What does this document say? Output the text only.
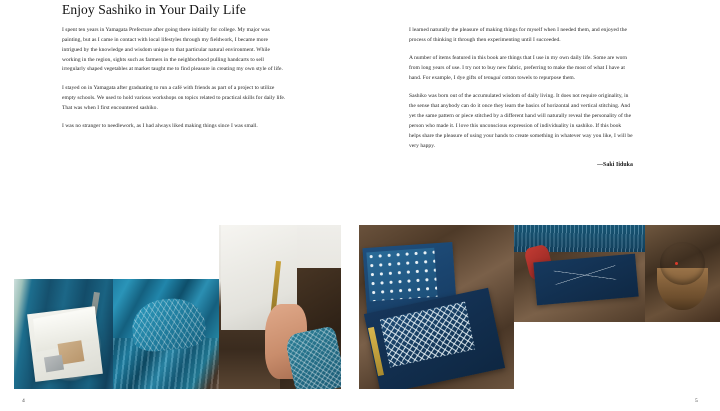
Enjoy Sashiko in Your Daily Life

I spent ten years in Yamagata Prefecture after going there initially for college. My major was painting, but as I came in contact with local lifestyles through my fieldwork, I became more intrigued by the knowledge and wisdom unique to that particular natural environment. While working in the region, sights such as farmers in the neighborhood pulling handcarts to sell irregularly shaped vegetables at market taught me to find pleasure in creating my own style of life.

I stayed on in Yamagata after graduating to run a café with friends as part of a project to utilize empty schools. We used to hold various workshops on topics related to practical skills for daily life. That was when I first encountered sashiko.

I was no stranger to needlework, as I had always liked making things since I was small.

I learned naturally the pleasure of making things for myself when I needed them, and enjoyed the process of thinking it through then experimenting until I succeeded.

A number of items featured in this book are things that I use in my own daily life. Some are worn from long years of use. I try not to buy new fabric, preferring to make the most of what I have at hand. For example, I dye gifts of tenugui cotton towels to repurpose them.

Sashiko was born out of the accumulated wisdom of daily living. It does not require originality, in the sense that anybody can do it once they learn the basics of horizontal and vertical stitching. And yet the same pattern or piece stitched by a different hand will naturally reveal the personality of the person who made it. I love this unconscious expression of individuality in sashiko. If this book helps share the pleasure of using your hands to create something in whatever way you like, I will be very happy.

—Saki Iiduka
4	5
